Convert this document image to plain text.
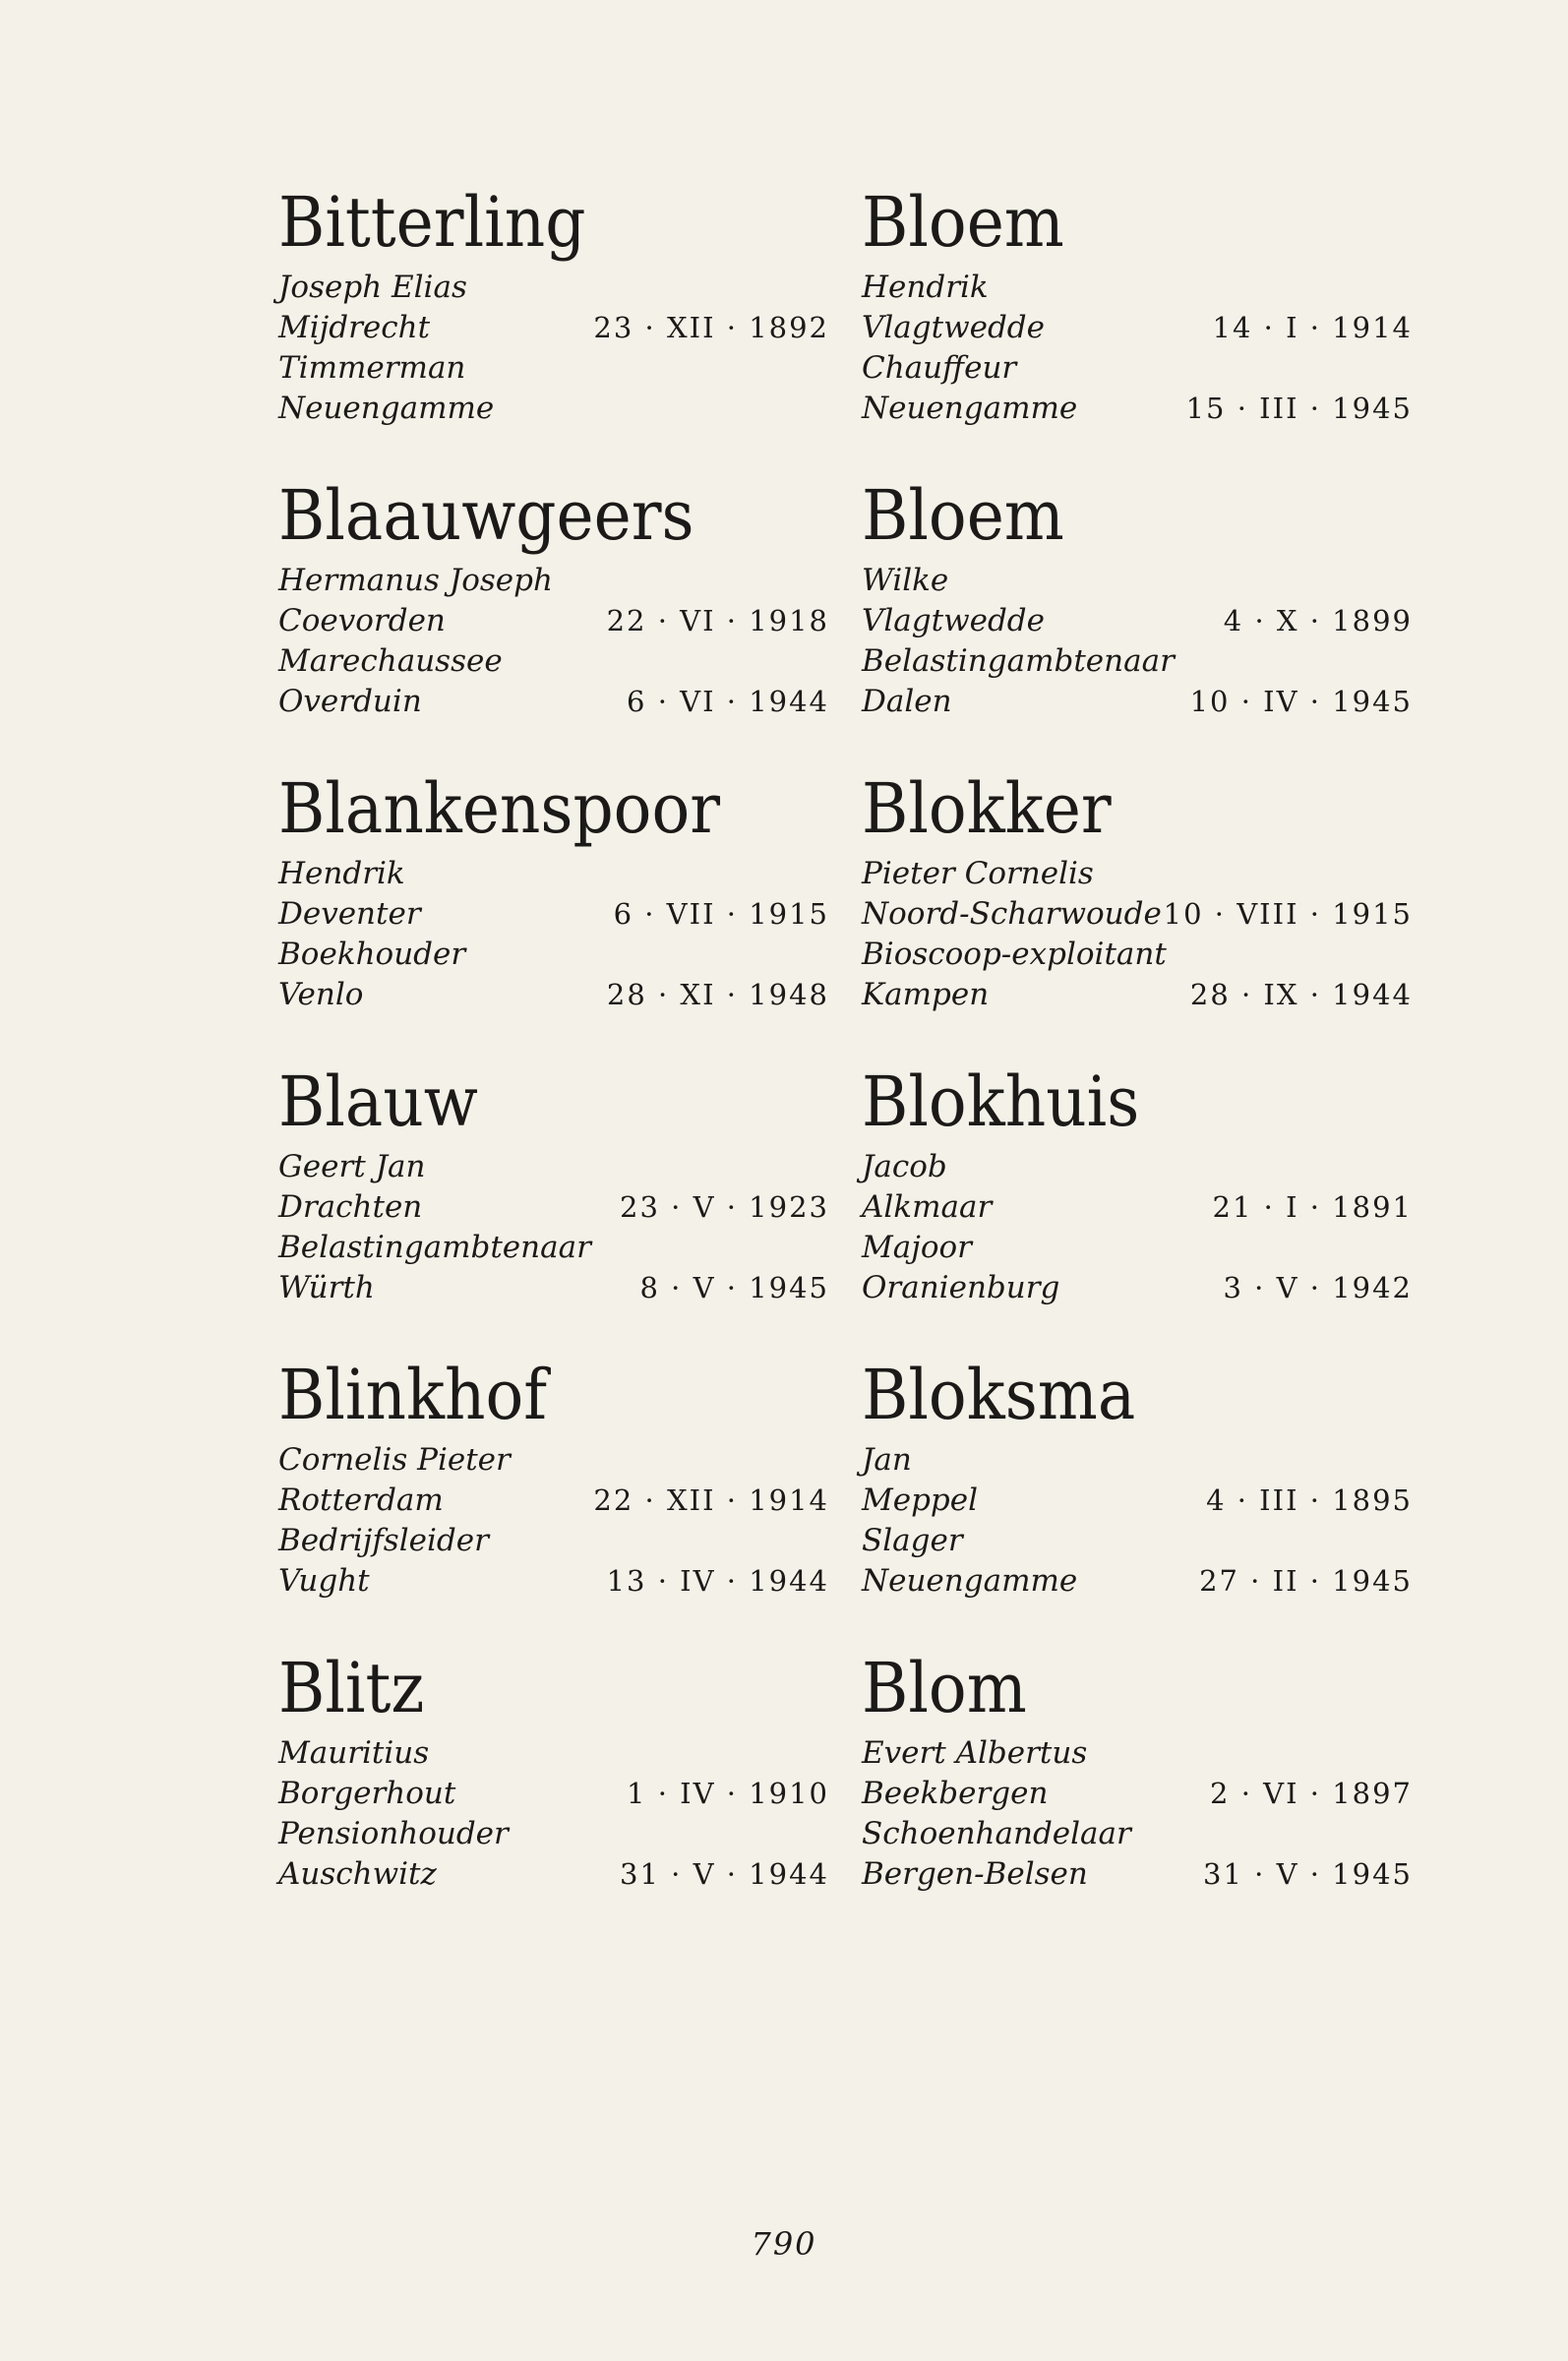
Bitterling
Joseph Elias
Mijdrecht	23 · XII · 1892
Timmerman
Neuengamme
Blaauwgeers
Hermanus Joseph
Coevorden	22 · VI · 1918
Marechaussee
Overduin	6 · VI · 1944
Blankenspoor
Hendrik
Deventer	6 · VII · 1915
Boekhouder
Venlo	28 · XI · 1948
Blauw
Geert Jan
Drachten	23 · V · 1923
Belastingambtenaar
Würth	8 · V · 1945
Blinkhof
Cornelis Pieter
Rotterdam	22 · XII · 1914
Bedrijfsleider
Vught	13 · IV · 1944
Blitz
Mauritius
Borgerhout	1 · IV · 1910
Pensionhouder
Auschwitz	31 · V · 1944
Bloem
Hendrik
Vlagtwedde	14 · I · 1914
Chauffeur
Neuengamme	15 · III · 1945
Bloem
Wilke
Vlagtwedde	4 · X · 1899
Belastingambtenaar
Dalen	10 · IV · 1945
Blokker
Pieter Cornelis
Noord-Scharwoude 10 · VIII · 1915
Bioscoop-exploitant
Kampen	28 · IX · 1944
Blokhuis
Jacob
Alkmaar	21 · I · 1891
Majoor
Oranienburg	3 · V · 1942
Bloksma
Jan
Meppel	4 · III · 1895
Slager
Neuengamme	27 · II · 1945
Blom
Evert Albertus
Beekbergen	2 · VI · 1897
Schoenhandelaar
Bergen-Belsen	31 · V · 1945
790
